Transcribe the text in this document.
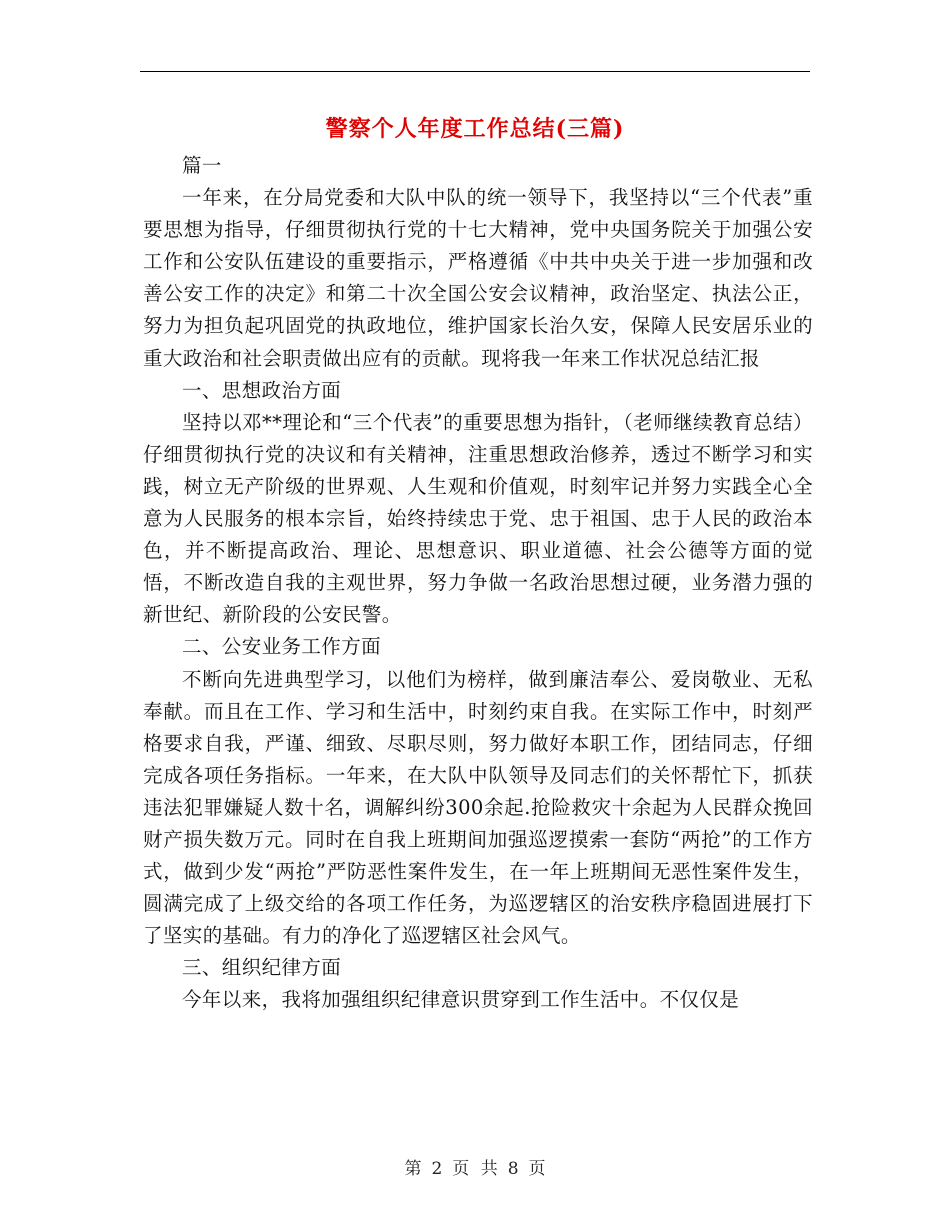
警察个人年度工作总结(三篇)

篇一

一年来，在分局党委和大队中队的统一领导下，我坚持以“三个代表”重要思想为指导，仔细贯彻执行党的十七大精神，党中央国务院关于加强公安工作和公安队伍建设的重要指示，严格遵循《中共中央关于进一步加强和改善公安工作的决定》和第二十次全国公安会议精神，政治坚定、执法公正，努力为担负起巩固党的执政地位，维护国家长治久安，保障人民安居乐业的重大政治和社会职责做出应有的贡献。现将我一年来工作状况总结汇报

一、思想政治方面

坚持以邓**理论和“三个代表”的重要思想为指针，（老师继续教育总结）仔细贯彻执行党的决议和有关精神，注重思想政治修养，透过不断学习和实践，树立无产阶级的世界观、人生观和价值观，时刻牢记并努力实践全心全意为人民服务的根本宗旨，始终持续忠于党、忠于祖国、忠于人民的政治本色，并不断提高政治、理论、思想意识、职业道德、社会公德等方面的觉悟，不断改造自我的主观世界，努力争做一名政治思想过硬，业务潜力强的新世纪、新阶段的公安民警。

二、公安业务工作方面

不断向先进典型学习，以他们为榜样，做到廉洁奉公、爱岗敬业、无私奉献。而且在工作、学习和生活中，时刻约束自我。在实际工作中，时刻严格要求自我，严谨、细致、尽职尽则，努力做好本职工作，团结同志，仔细完成各项任务指标。一年来，在大队中队领导及同志们的关怀帮忙下，抓获违法犯罪嫌疑人数十名，调解纠纷300余起.抢险救灾十余起为人民群众挽回财产损失数万元。同时在自我上班期间加强巡逻摸索一套防“两抢”的工作方式，做到少发“两抢”严防恶性案件发生，在一年上班期间无恶性案件发生，圆满完成了上级交给的各项工作任务，为巡逻辖区的治安秩序稳固进展打下了坚实的基础。有力的净化了巡逻辖区社会风气。

三、组织纪律方面

今年以来，我将加强组织纪律意识贯穿到工作生活中。不仅仅是

第 2 页 共 8 页
